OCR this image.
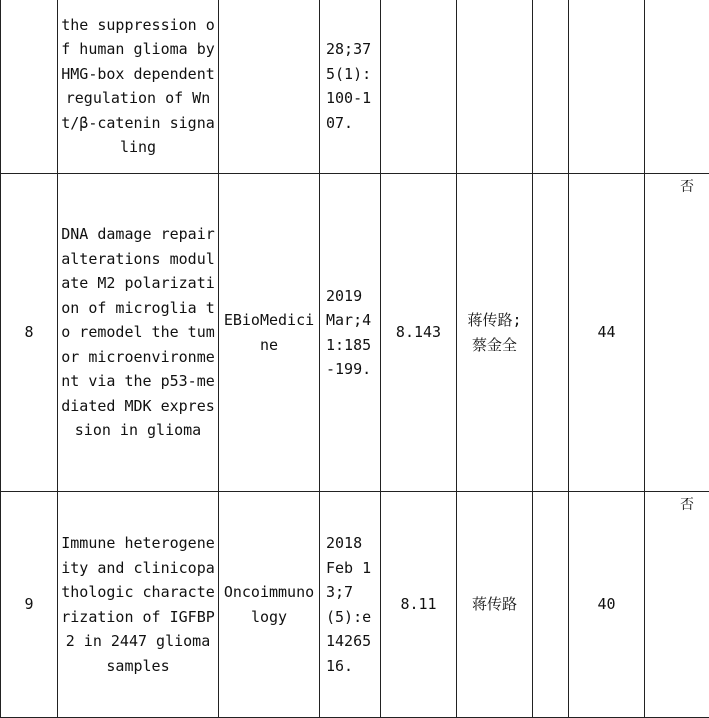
	the suppression of human glioma by HMG-box dependent regulation of Wnt/β-catenin signaling		28;375(1):100-107.					
8	DNA damage repair alterations modulate M2 polarization of microglia to remodel the tumor microenvironment via the p53-mediated MDK expression in glioma	EBioMedicine	2019 Mar;41:185-199.	8.143	蒋传路;蔡金全		44	否
9	Immune heterogeneity and clinicopathologic characterization of IGFBP2 in 2447 glioma samples	Oncoimmunology	2018 Feb 13;7(5):e1426516.	8.11	蒋传路		40	否
